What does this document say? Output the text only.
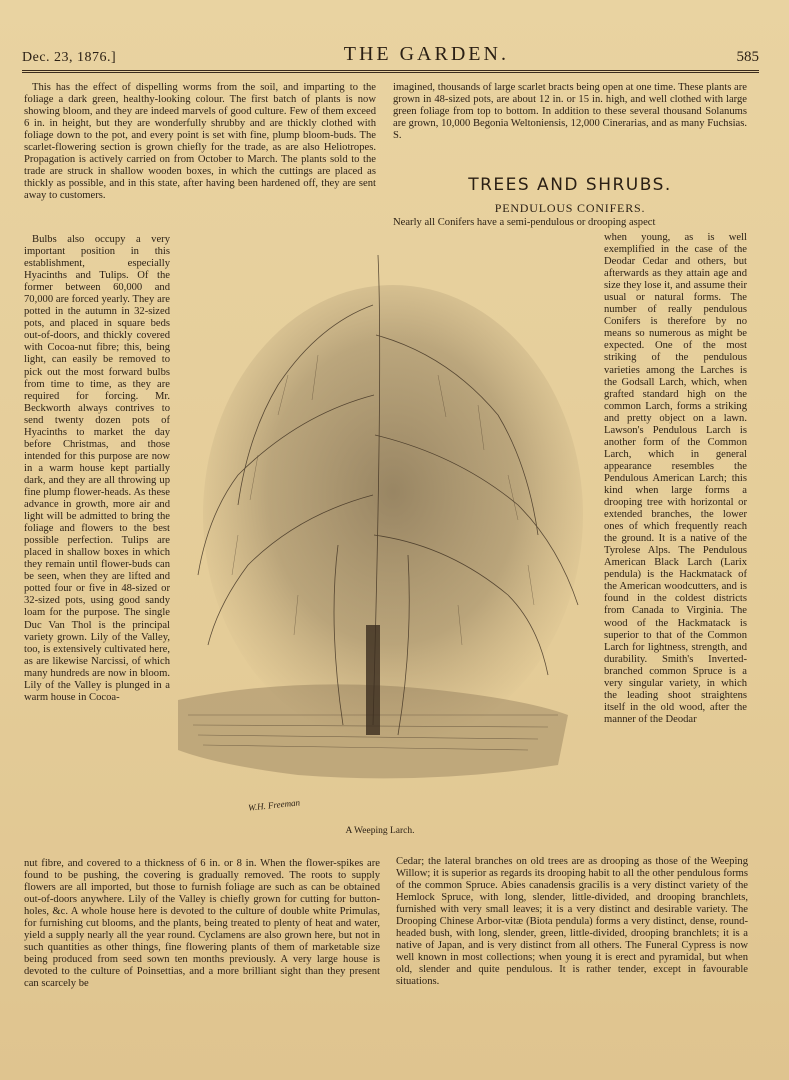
Dec. 23, 1876.]	THE GARDEN.	585

This has the effect of dispelling worms from the soil, and imparting to the foliage a dark green, healthy-looking colour. The first batch of plants is now showing bloom, and they are indeed marvels of good culture. Few of them exceed 6 in. in height, but they are wonderfully shrubby and are thickly clothed with foliage down to the pot, and every point is set with fine, plump bloom-buds. The scarlet-flowering section is grown chiefly for the trade, as are also Heliotropes. Propagation is actively carried on from October to March. The plants sold to the trade are struck in shallow wooden boxes, in which the cuttings are placed as thickly as possible, and in this state, after having been hardened off, they are sent away to customers.

Bulbs also occupy a very important position in this establishment, especially Hyacinths and Tulips. Of the former between 60,000 and 70,000 are forced yearly. They are potted in the autumn in 32-sized pots, and placed in square beds out-of-doors, and thickly covered with Cocoa-nut fibre; this, being light, can easily be removed to pick out the most forward bulbs from time to time, as they are required for forcing. Mr. Beckworth always contrives to send twenty dozen pots of Hyacinths to market the day before Christmas, and those intended for this purpose are now in a warm house kept partially dark, and they are all throwing up fine plump flower-heads. As these advance in growth, more air and light will be admitted to bring the foliage and flowers to the best possible perfection. Tulips are placed in shallow boxes in which they remain until flower-buds can be seen, when they are lifted and potted four or five in 48-sized or 32-sized pots, using good sandy loam for the purpose. The single Duc Van Thol is the principal variety grown. Lily of the Valley, too, is extensively cultivated here, as are likewise Narcissi, of which many hundreds are now in bloom. Lily of the Valley is plunged in a warm house in Cocoa-

nut fibre, and covered to a thickness of 6 in. or 8 in. When the flower-spikes are found to be pushing, the covering is gradually removed. The roots to supply flowers are all imported, but those to furnish foliage are such as can be obtained out-of-doors anywhere. Lily of the Valley is chiefly grown for cutting for button-holes, &c. A whole house here is devoted to the culture of double white Primulas, for furnishing cut blooms, and the plants, being treated to plenty of heat and water, yield a supply nearly all the year round. Cyclamens are also grown here, but not in such quantities as other things, fine flowering plants of them of marketable size being produced from seed sown ten months previously. A very large house is devoted to the culture of Poinsettias, and a more brilliant sight than they present can scarcely be

imagined, thousands of large scarlet bracts being open at one time. These plants are grown in 48-sized pots, are about 12 in. or 15 in. high, and well clothed with large green foliage from top to bottom. In addition to these several thousand Solanums are grown, 10,000 Begonia Weltoniensis, 12,000 Cinerarias, and as many Fuchsias. S.

TREES AND SHRUBS.
PENDULOUS CONIFERS.
Nearly all Conifers have a semi-pendulous or drooping aspect

when young, as is well exemplified in the case of the Deodar Cedar and others, but afterwards as they attain age and size they lose it, and assume their usual or natural forms. The number of really pendulous Conifers is therefore by no means so numerous as might be expected. One of the most striking of the pendulous varieties among the Larches is the Godsall Larch, which, when grafted standard high on the common Larch, forms a striking and pretty object on a lawn. Lawson's Pendulous Larch is another form of the Common Larch, which in general appearance resembles the Pendulous American Larch; this kind when large forms a drooping tree with horizontal or extended branches, the lower ones of which frequently reach the ground. It is a native of the Tyrolese Alps. The Pendulous American Black Larch (Larix pendula) is the Hackmatack of the American woodcutters, and is found in the coldest districts from Canada to Virginia. The wood of the Hackmatack is superior to that of the Common Larch for lightness, strength, and durability. Smith's Inverted-branched common Spruce is a very singular variety, in which the leading shoot straightens itself in the old wood, after the manner of the Deodar

Cedar; the lateral branches on old trees are as drooping as those of the Weeping Willow; it is superior as regards its drooping habit to all the other pendulous forms of the common Spruce. Abies canadensis gracilis is a very distinct variety of the Hemlock Spruce, with long, slender, little-divided, and drooping branchlets, furnished with very small leaves; it is a very distinct and desirable variety. The Drooping Chinese Arbor-vitæ (Biota pendula) forms a very distinct, dense, round-headed bush, with long, slender, green, little-divided, drooping branchlets; it is a native of Japan, and is very distinct from all others. The Funeral Cypress is now well known in most collections; when young it is erect and pyramidal, but when old, slender and quite pendulous. It is rather tender, except in favourable situations.

W.H. Freeman
A Weeping Larch.
